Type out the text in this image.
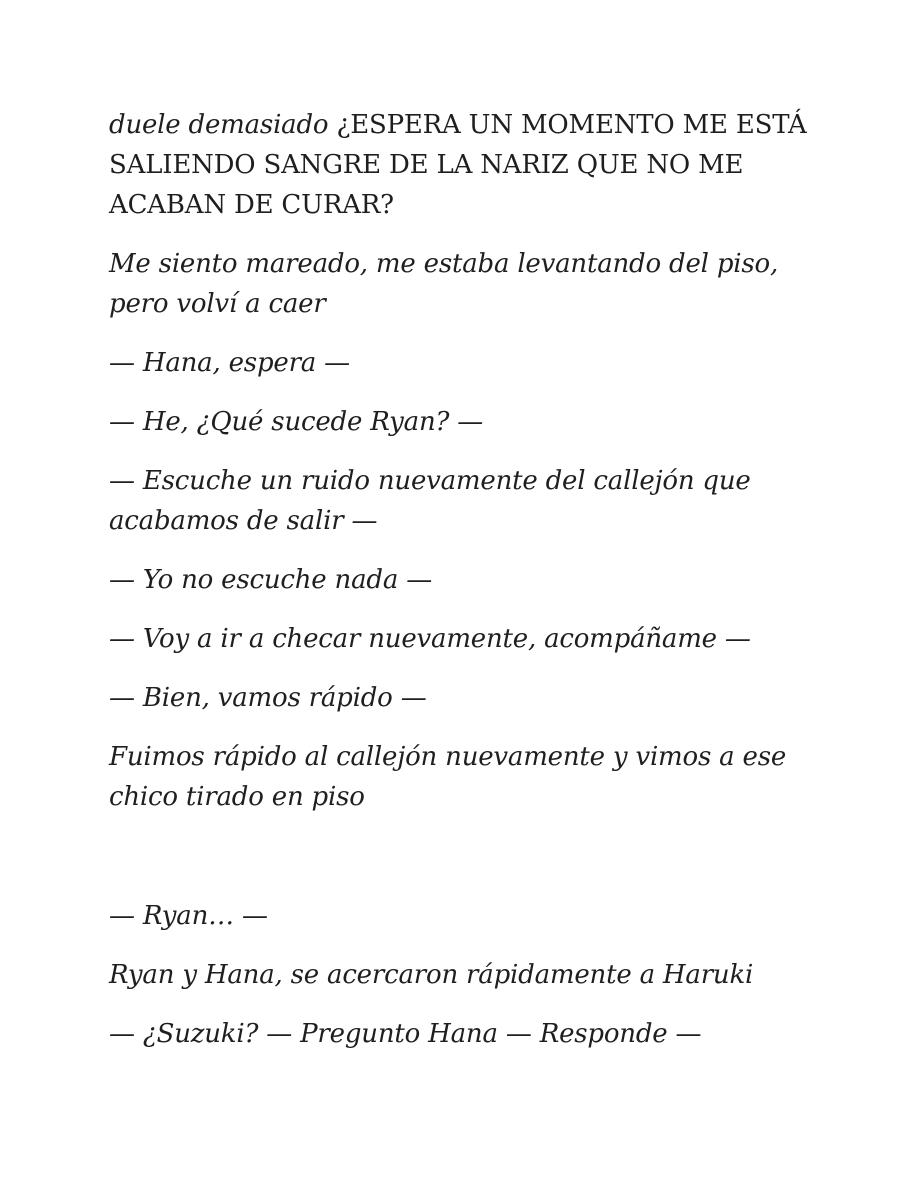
duele demasiado ¿ESPERA UN MOMENTO ME ESTÁ SALIENDO SANGRE DE LA NARIZ QUE NO ME ACABAN DE CURAR?

Me siento mareado, me estaba levantando del piso, pero volví a caer

— Hana, espera —

— He, ¿Qué sucede Ryan? —

— Escuche un ruido nuevamente del callejón que acabamos de salir —

— Yo no escuche nada —

— Voy a ir a checar nuevamente, acompáñame —

— Bien, vamos rápido —

Fuimos rápido al callejón nuevamente y vimos a ese chico tirado en piso

— Ryan… —

Ryan y Hana, se acercaron rápidamente a Haruki

— ¿Suzuki? — Pregunto Hana — Responde —
